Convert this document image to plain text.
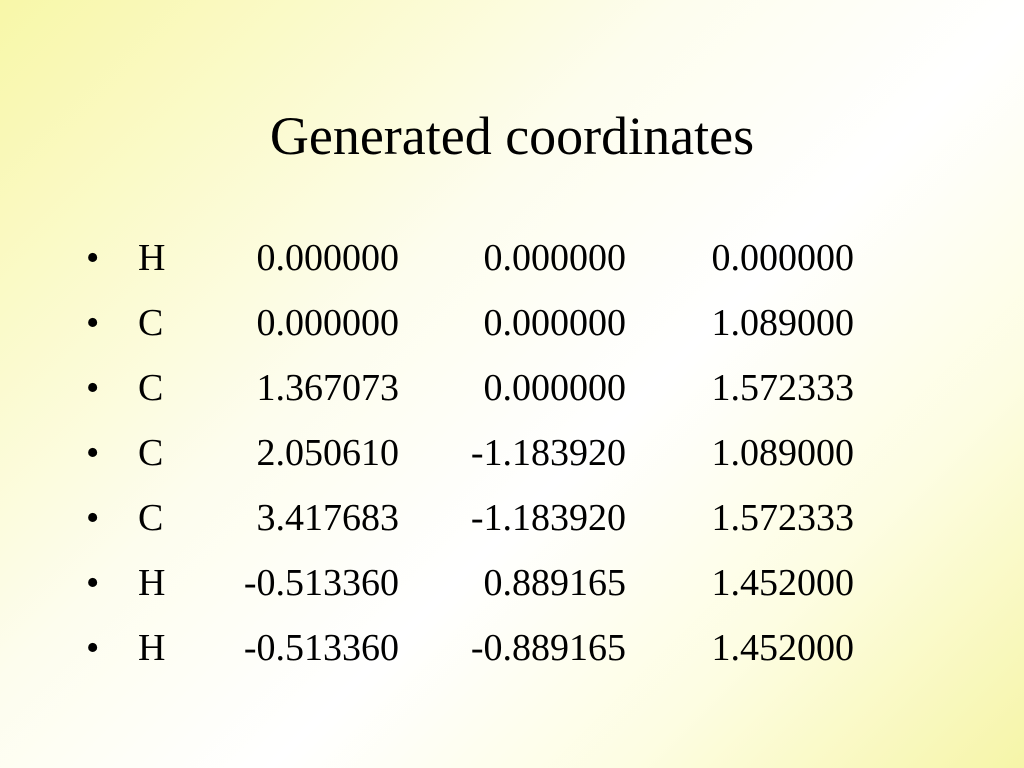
Generated coordinates
•	H	0.000000	0.000000	0.000000
•	C	0.000000	0.000000	1.089000
•	C	1.367073	0.000000	1.572333
•	C	2.050610	-1.183920	1.089000
•	C	3.417683	-1.183920	1.572333
•	H	-0.513360	0.889165	1.452000
•	H	-0.513360	-0.889165	1.452000
